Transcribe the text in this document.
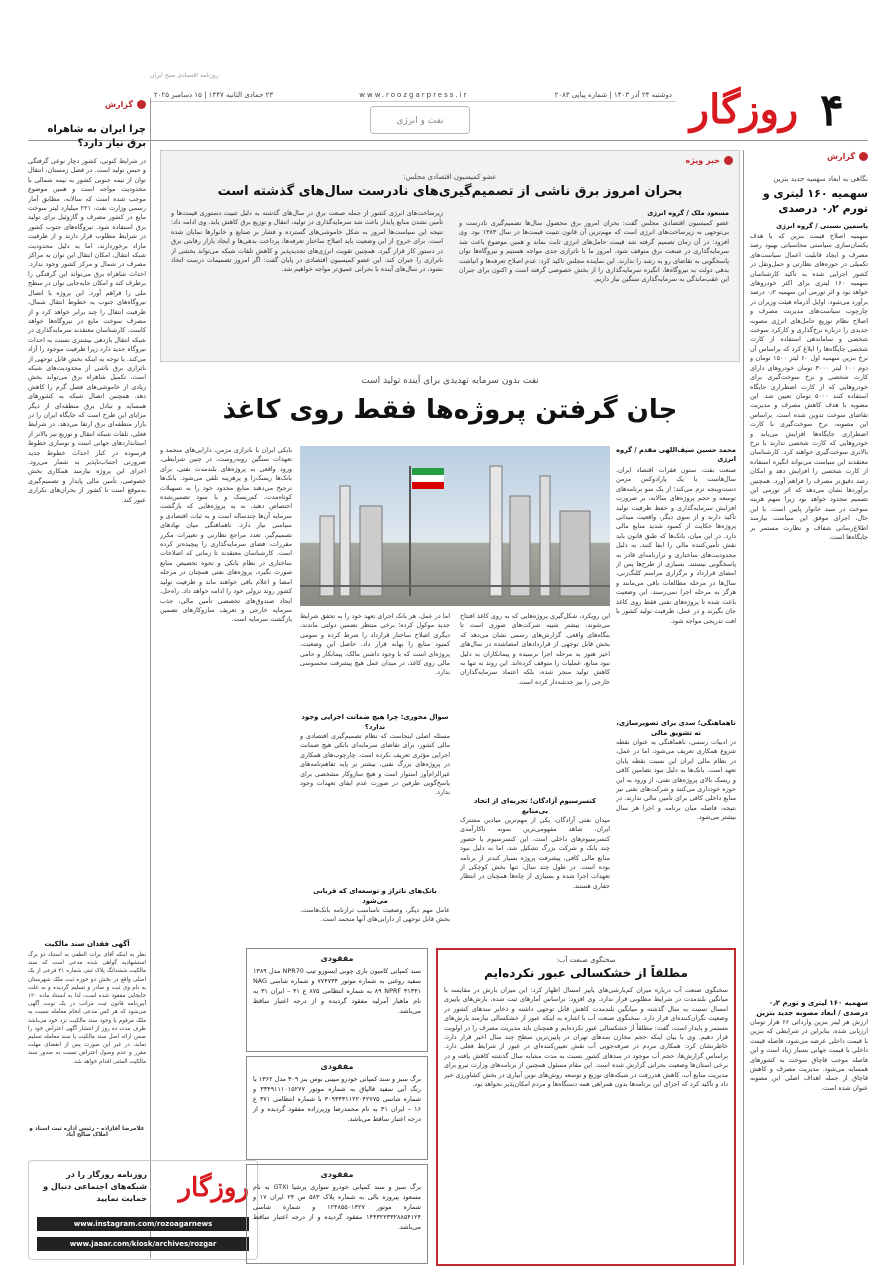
روزنامه اقتصادی صبح ایران
۴
روزگار
دوشنبه ۲۴ آذر ۱۴۰۳ | شماره پیاپی ۲۰۸۳
www.roozgarpress.ir
۲۳ جمادی الثانیه ۱۴۴۷ | ۱۵ دسامبر ۲۰۲۵
نفت و انرژی
گزارش
نگاهی به ابعاد سهمیه جدید بنزین
سهمیه ۱۶۰ لیتری و تورم ۰٫۲ درصدی
یاسمین نسبتی / گروه انرژی
سهمیه اصلاح قیمت بنزین که با هدف یکسان‌سازی سیاستی محاسباتی بهبود رصد مصرف و ایجاد قابلیت اعمال سیاست‌های تکمیلی در حوزه‌های نظارتی و حمل‌ونقل در کشور اجرایی شده به تأکید کارشناسان سهمیه ۱۶۰ لیتری برای اکثر خودروهای خواهد بود و اثر تورمی این سهمیه ۰٫۲ درصد برآورد می‌شود. اوایل آذرماه هیئت وزیران در چارچوب سیاست‌های مدیریت مصرف و اصلاح نظام توزیع حامل‌های انرژی مصوبه جدیدی را درباره نرخ‌گذاری و کارکرد سوخت شخصی و ساماندهی استفاده از کارت شخصی جایگاه‌ها را ابلاغ کرد که براساس آن نرخ بنزین سهمیه اول ۶۰ لیتر ۱۵۰۰ تومان و دوم ۱۰۰ لیتر ۳۰۰۰ تومان خودروهای دارای کارت شخصی و نرخ سوخت‌گیری برای خودروهایی که از کارت اضطراری جایگاه استفاده کنند ۵۰۰۰ تومان تعیین شد. این مصوبه با هدف کاهش مصرف و مدیریت تقاضای سوخت تدوین شده است. براساس این مصوبه، نرخ سوخت‌گیری با کارت اضطراری جایگاه‌ها افزایش می‌یابد و خودروهایی که کارت شخصی ندارند با نرخ بالاتری سوخت‌گیری خواهند کرد. کارشناسان معتقدند این سیاست می‌تواند انگیزه استفاده از کارت شخصی را افزایش دهد و امکان رصد دقیق‌تر مصرف را فراهم آورد. همچنین برآوردها نشان می‌دهد که اثر تورمی این تصمیم محدود خواهد بود زیرا سهم هزینه سوخت در سبد خانوار پایین است. با این حال، اجرای موفق این سیاست نیازمند اطلاع‌رسانی شفاف و نظارت مستمر بر جایگاه‌ها است.
سهمیه ۱۶۰ لیتری و تورم ۰٫۲ درصدی / ابعاد مصوبه جدید بنزین
ارزش هر لیتر بنزین وارداتی ۶۶ هزار تومان ارزیابی شده، بنابراین در شرایطی که بنزین با قیمت داخلی عرضه می‌شود، فاصله قیمت داخلی با قیمت جهانی بسیار زیاد است و این فاصله موجب قاچاق سوخت به کشورهای همسایه می‌شود. مدیریت مصرف و کاهش قاچاق از جمله اهداف اصلی این مصوبه عنوان شده است.
گزارش
چرا ایران به شاهراه برق نیاز دارد؟
در شرایط کنونی، کشور دچار نوعی گرفتگی و حبس تولید است. در فصل زمستان، انتقال توان از نیمه جنوبی کشور به نیمه شمالی با محدودیت مواجه است و همین موضوع موجب شده است که سالانه، مطابق آمار رسمی وزارت نفت، ۲۲۱ میلیارد لیتر سوخت مایع در کشور مصرف و گازوئیل برای تولید برق استفاده شود. نیروگاه‌های جنوب کشور در شرایط مطلوب قرار دارند و از ظرفیت مازاد برخوردارند، اما به دلیل محدودیت شبکه انتقال، امکان انتقال این توان به مراکز مصرف در شمال و مرکز کشور وجود ندارد. احداث شاهراه برق می‌تواند این گرفتگی را برطرف کند و امکان جابه‌جایی توان در سطح ملی را فراهم آورد. این پروژه با اتصال نیروگاه‌های جنوب به خطوط انتقال شمال، ظرفیت انتقال را چند برابر خواهد کرد و از مصرف سوخت مایع در نیروگاه‌ها خواهد کاست. کارشناسان معتقدند سرمایه‌گذاری در شبکه انتقال بازدهی بیشتری نسبت به احداث نیروگاه جدید دارد زیرا ظرفیت موجود را آزاد می‌کند. با توجه به اینکه بخش قابل توجهی از ناترازی برق ناشی از محدودیت‌های شبکه است، تکمیل شاهراه برق می‌تواند بخش زیادی از خاموشی‌های فصل گرم را کاهش دهد. همچنین اتصال شبکه به کشورهای همسایه و تبادل برق منطقه‌ای از دیگر مزایای این طرح است که جایگاه ایران را در بازار منطقه‌ای برق ارتقا می‌دهد. در شرایط فعلی، تلفات شبکه انتقال و توزیع نیز بالاتر از استانداردهای جهانی است و نوسازی خطوط فرسوده در کنار احداث خطوط جدید ضرورتی اجتناب‌ناپذیر به شمار می‌رود. اجرای این پروژه نیازمند همکاری بخش خصوصی، تأمین مالی پایدار و تصمیم‌گیری به‌موقع است تا کشور از بحران‌های تکراری عبور کند.
آگهی فقدان سند مالکیت
نظر به اینکه آقای برات الطفی به استناد دو برگ استشهادیه گواهی شده مدعی است که سند مالکیت ششدانگ پلاک ثبتی شماره ۲۱ فرعی از یک اصلی واقع در بخش دو حوزه ثبت ملک شهرستان به نام وی ثبت و صادر و تسلیم گردیده و به علت جابجایی مفقود شده است، لذا به استناد ماده ۱۲۰ آیین‌نامه قانون ثبت مراتب در یک نوبت آگهی می‌شود که هر کس مدعی انجام معامله نسبت به ملک مرقوم یا وجود سند مالکیت نزد خود می‌باشد ظرف مدت ده روز از انتشار آگهی اعتراض خود را ضمن ارائه اصل سند مالکیت یا سند معامله تسلیم نماید، در غیر این صورت پس از انقضای مهلت مقرر و عدم وصول اعتراض نسبت به صدور سند مالکیت المثنی اقدام خواهد شد.
غلامرضا آقازاده – رئیس اداره ثبت اسناد و املاک صالح آباد
روزگار
روزنامه روزگار را در شبکه‌های اجتماعی دنبال و حمایت نمایید
www.instagram.com/rozoagarnews
www.jaaar.com/kiosk/archives/rozgar
خبر ویژه
عضو کمیسیون اقتصادی مجلس:
بحران امروز برق ناشی از تصمیم‌گیری‌های نادرست سال‌های گذشته است
مسعود ملک / گروه انرژی
عضو کمیسیون اقتصادی مجلس گفت: بحران امروز برق محصول سال‌ها تصمیم‌گیری نادرست و بی‌توجهی به زیرساخت‌های انرژی است که مهم‌ترین آن قانون تثبیت قیمت‌ها در سال ۱۳۸۳ بود. وی افزود: در آن زمان تصمیم گرفته شد قیمت حامل‌های انرژی ثابت بماند و همین موضوع باعث شد سرمایه‌گذاری در صنعت برق متوقف شود. امروز ما با ناترازی جدی مواجه هستیم و نیروگاه‌ها توان پاسخگویی به تقاضای رو به رشد را ندارند. این نماینده مجلس تاکید کرد: عدم اصلاح تعرفه‌ها و انباشت بدهی دولت به نیروگاه‌ها، انگیزه سرمایه‌گذاری را از بخش خصوصی گرفته است و اکنون برای جبران این عقب‌ماندگی به سرمایه‌گذاری سنگین نیاز داریم.
زیرساخت‌های انرژی کشور از جمله صنعت برق در سال‌های گذشته به دلیل تثبیت دستوری قیمت‌ها و تأمین نشدن منابع پایدار باعث شد سرمایه‌گذاری در تولید، انتقال و توزیع برق کاهش یابد. وی ادامه داد: نتیجه این سیاست‌ها امروز به شکل خاموشی‌های گسترده و فشار بر صنایع و خانوارها نمایان شده است. برای خروج از این وضعیت باید اصلاح ساختار تعرفه‌ها، پرداخت بدهی‌ها و ایجاد بازار رقابتی برق در دستور کار قرار گیرد. همچنین تقویت انرژی‌های تجدیدپذیر و کاهش تلفات شبکه می‌تواند بخشی از ناترازی را جبران کند. این عضو کمیسیون اقتصادی در پایان گفت: اگر امروز تصمیمات درست اتخاذ نشود، در سال‌های آینده با بحرانی عمیق‌تر مواجه خواهیم شد.
نفت بدون سرمایه تهدیدی برای آینده تولید است
جان گرفتن پروژه‌ها فقط روی کاغذ
محمد حسین سیف‌اللهی مقدم / گروه انرژی
صنعت نفت، ستون فقرات اقتصاد ایران، سال‌هاست با یک پارادوکس مزمن دست‌وپنجه نرم می‌کند؛ از یک سو برنامه‌های توسعه و حجم پروژه‌های سالانه، بر ضرورت افزایش سرمایه‌گذاری و حفظ ظرفیت تولید تأکید دارند و از سوی دیگر، واقعیت میدانی پروژه‌ها حکایت از کمبود شدید منابع مالی دارد. در این میان، بانک‌ها که طبق قانون باید نقش تأمین‌کننده مالی را ایفا کنند، به دلیل محدودیت‌های ساختاری و ترازنامه‌ای قادر به پاسخگویی نیستند. بسیاری از طرح‌ها پس از امضای قرارداد و برگزاری مراسم کلنگ‌زنی، سال‌ها در مرحله مطالعات باقی می‌مانند و هرگز به مرحله اجرا نمی‌رسند. این وضعیت باعث شده تا پروژه‌های نفتی فقط روی کاغذ جان بگیرند و در عمل، ظرفیت تولید کشور با افت تدریجی مواجه شود.
ناهماهنگی؛ سدی برای تصویرسازی، نه تشویق مالی
در ادبیات رسمی، ناهماهنگی به عنوان نقطه شروع همکاری تعریف می‌شود، اما در عمل، در نظام مالی ایران این نسبت نقطه پایان تعهد است. بانک‌ها به دلیل نبود تضامین کافی و ریسک بالای پروژه‌های نفتی، از ورود به این حوزه خودداری می‌کنند و شرکت‌های نفتی نیز منابع داخلی کافی برای تأمین مالی ندارند. در نتیجه، فاصله میان برنامه و اجرا هر سال بیشتر می‌شود.
این رویکرد، شکل‌گیری پروژه‌هایی که به روی کاغذ افتتاح می‌شوند، بیشتر شبیه شرکت‌های صوری است تا بنگاه‌های واقعی. گزارش‌های رسمی نشان می‌دهد که بخش قابل توجهی از قراردادهای امضاشده در سال‌های اخیر هنوز به مرحله اجرا نرسیده و پیمانکاران به دلیل نبود منابع، عملیات را متوقف کرده‌اند. این روند نه تنها به کاهش تولید منجر شده، بلکه اعتماد سرمایه‌گذاران خارجی را نیز خدشه‌دار کرده است.
کنسرسیوم آزادگان؛ تجربه‌ای از اتحاد بی‌منابع
میدان نفتی آزادگان، یکی از مهم‌ترین میادین مشترک ایران، شاهد مفهومی‌ترین نمونه ناکارآمدی کنسرسیوم‌های داخلی است. این کنسرسیوم با حضور چند بانک و شرکت بزرگ تشکیل شد، اما به دلیل نبود منابع مالی کافی، پیشرفت پروژه بسیار کندتر از برنامه بوده است. در طول چند سال، تنها بخش کوچکی از تعهدات اجرا شده و بسیاری از چاه‌ها همچنان در انتظار حفاری هستند.
اما در عمل، هر بانک اجرای تعهد خود را به تحقق شرایط جدید موکول کرده؛ برخی منتظر تضمین دولتی ماندند، دیگری اصلاح ساختار قرارداد را شرط کرده و سومی کمبود منابع را بهانه قرار داد. حاصل این وضعیت، پروژه‌ای است که با وجود داشتن مالک، پیمانکار و حامی مالی روی کاغذ، در میدان عمل هیچ پیشرفت محسوسی ندارد.
سوال محوری: چرا هیچ ضمانت اجرایی وجود ندارد؟
مسئله اصلی اینجاست که نظام تصمیم‌گیری اقتصادی و مالی کشور، برای تقاضای سرمایه‌ای بانکی هیچ ضمانت اجرایی مؤثری تعریف نکرده است. چارچوب‌های همکاری در پروژه‌های بزرگ نفتی، بیشتر بر پایه تفاهم‌نامه‌های غیرالزام‌آور استوار است و هیچ سازوکار مشخصی برای پاسخ‌گویی طرفین در صورت عدم ایفای تعهدات وجود ندارد.
بانک‌های ناتراز و توسعه‌ای که قربانی می‌شود
عامل مهم دیگر، وضعیت نامناسب ترازنامه بانک‌هاست. بخش قابل توجهی از دارایی‌های آنها منجمد است.
بانکی ایران با ناترازی مزمن، دارایی‌های منجمد و تعهدات سنگین روبه‌روست. در چنین شرایطی، ورود واقعی به پروژه‌های بلندمدت نفتی، برای بانک‌ها ریسک‌زا و پرهزینه تلقی می‌شود. بانک‌ها ترجیح می‌دهند منابع محدود خود را به تسهیلات کوتاه‌مدت، کم‌ریسک و با سود تضمین‌شده اختصاص دهند، نه به پروژه‌هایی که بازگشت سرمایه آن‌ها چندساله است و به ثبات اقتصادی و سیاسی نیاز دارد. ناهماهنگی میان نهادهای تصمیم‌گیر، تعدد مراجع نظارتی و تغییرات مکرر مقررات، فضای سرمایه‌گذاری را پیچیده‌تر کرده است. کارشناسان معتقدند تا زمانی که اصلاحات ساختاری در نظام بانکی و نحوه تخصیص منابع صورت نگیرد، پروژه‌های نفتی همچنان در مرحله امضا و اعلام باقی خواهند ماند و ظرفیت تولید کشور روند نزولی خود را ادامه خواهد داد. راه‌حل، ایجاد صندوق‌های تخصصی تأمین مالی، جذب سرمایه خارجی و تعریف سازوکارهای تضمین بازگشت سرمایه است.
سخنگوی صنعت آب:
مطلقاً از خشکسالی عبور نکرده‌ایم
سخنگوی صنعت آب درباره میزان کم‌بارشی‌های پاییز امسال اظهار کرد: این میزان بارش در مقایسه با میانگین بلندمدت در شرایط مطلوبی قرار ندارد. وی افزود: براساس آمارهای ثبت شده، بارش‌های پاییزی امسال نسبت به سال گذشته و میانگین بلندمدت کاهش قابل توجهی داشته و ذخایر سدهای کشور در وضعیت نگران‌کننده‌ای قرار دارد. سخنگوی صنعت آب با اشاره به اینکه عبور از خشکسالی نیازمند بارش‌های مستمر و پایدار است، گفت: مطلقاً از خشکسالی عبور نکرده‌ایم و همچنان باید مدیریت مصرف را در اولویت قرار دهیم. وی با بیان اینکه حجم مخازن سدهای تهران در پایین‌ترین سطح چند سال اخیر قرار دارد، خاطرنشان کرد: همکاری مردم در صرفه‌جویی آب نقش تعیین‌کننده‌ای در عبور از شرایط فعلی دارد. براساس گزارش‌ها، حجم آب موجود در سدهای کشور نسبت به مدت مشابه سال گذشته کاهش یافته و در برخی استان‌ها وضعیت بحرانی گزارش شده است. این مقام مسئول همچنین از برنامه‌های وزارت نیرو برای مدیریت منابع آب، کاهش هدررفت در شبکه‌های توزیع و توسعه روش‌های نوین آبیاری در بخش کشاورزی خبر داد و تأکید کرد که اجرای این برنامه‌ها بدون همراهی همه دستگاه‌ها و مردم امکان‌پذیر نخواهد بود.
مفقودی
سند کمپانی کامیون باری چوبی ایسوزو تیپ NPR70 مدل ۱۳۸۹ سفید روغنی به شماره موتور ۷۷۴۷۳۴ و شماره شاسی NAG ۸۹ NPRF ۳۱۳۴۱ به شماره انتظامی ۸۷۵ ع ۴۱ – ایران ۳۱ به نام ماهیار آمرلیه مفقود گردیده و از درجه اعتبار ساقط می‌باشد.
مفقودی
برگ سبز و سند کمپانی خودرو میینی بوس بنز ۳۰۹ مدل ۱۳۶۲ با رنگ آبی سفید قالپاق به شماره موتور ۳۳۴۹۱۱۱۰۱۵۲۷۷ و شماره شاسی ۳۰۹۳۴۳۱۱۲۲۰۴۲۷۷۵ با شماره انتظامی ۳۷۱ ع ۱۶ – ایران ۳۱ به نام محمدرضا وزیرزاده مفقود گردیده و از درجه اعتبار ساقط می‌باشد.
مفقودی
برگ سبز و سند کمپانی خودرو سواری پرشیا GTXi به نام مسعود پیروزه بالی به شماره پلاک ۵۸۳ س ۲۴ ایران ۱۷ و شماره موتور ۱۲۴۸۵۵۰۱۴۲۷ و شماره شاسی ۱۴۴۳۲۲۳۳۲۸۸۵۴۱۲۴ مفقود گردیده و از درجه اعتبار ساقط می‌باشد.
